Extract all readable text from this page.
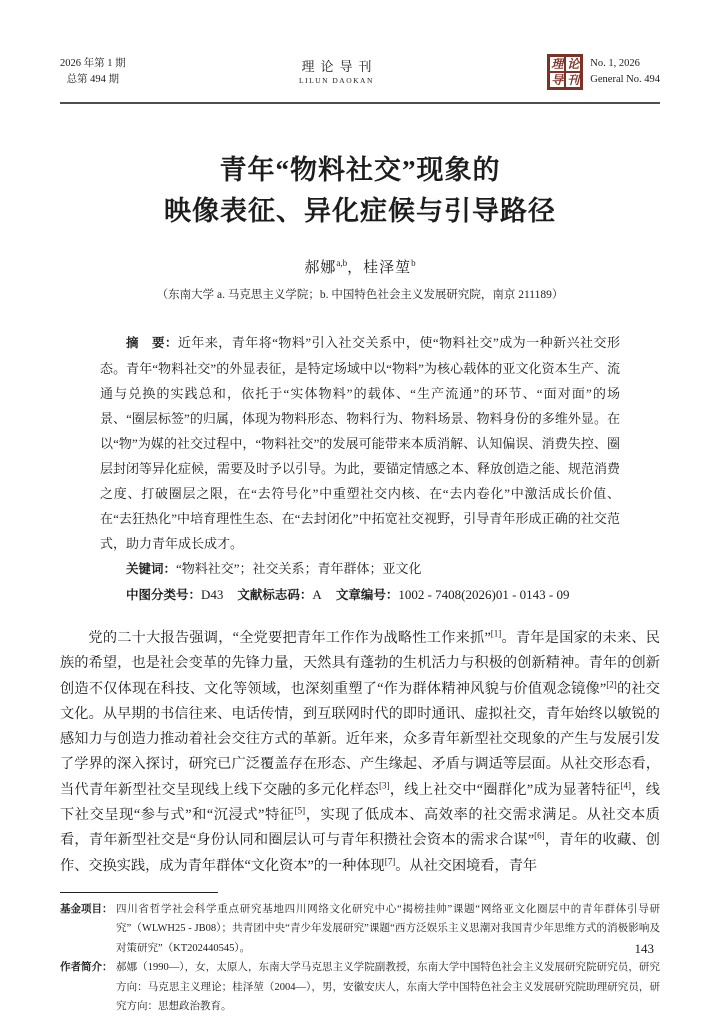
2026 年第 1 期
总第 494 期
理论导刊
LILUN DAOKAN
理 论
导 刊
No. 1, 2026
General No. 494
青年“物料社交”现象的
映像表征、异化症候与引导路径
郝娜$^{a,b}$，桂泽堃$^b$
（东南大学 a. 马克思主义学院；b. 中国特色社会主义发展研究院，南京 211189）
摘　要：近年来，青年将“物料”引入社交关系中，使“物料社交”成为一种新兴社交形态。青年“物料社交”的外显表征，是特定场域中以“物料”为核心载体的亚文化资本生产、流通与兑换的实践总和，依托于“实体物料”的载体、“生产流通”的环节、“面对面”的场景、“圈层标签”的归属，体现为物料形态、物料行为、物料场景、物料身份的多维外显。在以“物”为媒的社交过程中，“物料社交”的发展可能带来本质消解、认知偏误、消费失控、圈层封闭等异化症候，需要及时予以引导。为此，要锚定情感之本、释放创造之能、规范消费之度、打破圈层之限，在“去符号化”中重塑社交内核、在“去内卷化”中激活成长价值、在“去狂热化”中培育理性生态、在“去封闭化”中拓宽社交视野，引导青年形成正确的社交范式，助力青年成长成才。
关键词：“物料社交”；社交关系；青年群体；亚文化
中图分类号：D43 文献标志码：A 文章编号：1002 - 7408(2026)01 - 0143 - 09
党的二十大报告强调，“全党要把青年工作作为战略性工作来抓”[1]。青年是国家的未来、民族的希望，也是社会变革的先锋力量，天然具有蓬勃的生机活力与积极的创新精神。青年的创新创造不仅体现在科技、文化等领域，也深刻重塑了“作为群体精神风貌与价值观念镜像”[2]的社交文化。从早期的书信往来、电话传情，到互联网时代的即时通讯、虚拟社交，青年始终以敏锐的感知力与创造力推动着社会交往方式的革新。近年来，众多青年新型社交现象的产生与发展引发了学界的深入探讨，研究已广泛覆盖存在形态、产生缘起、矛盾与调适等层面。从社交形态看，当代青年新型社交呈现线上线下交融的多元化样态[3]，线上社交中“圈群化”成为显著特征[4]，线下社交呈现“参与式”和“沉浸式”特征[5]，实现了低成本、高效率的社交需求满足。从社交本质看，青年新型社交是“身份认同和圈层认可与青年积攒社会资本的需求合谋”[6]，青年的收藏、创作、交换实践，成为青年群体“文化资本”的一种体现[7]。从社交困境看，青年
基金项目： 四川省哲学社会科学重点研究基地四川网络文化研究中心“揭榜挂帅”课题“网络亚文化圈层中的青年群体引导研究”（WLWH25 - JB08）；共青团中央“青少年发展研究”课题“西方泛娱乐主义思潮对我国青少年思维方式的消极影响及对策研究”（KT202440545）。
作者简介： 郝娜（1990—），女，太原人，东南大学马克思主义学院副教授，东南大学中国特色社会主义发展研究院研究员，研究方向：马克思主义理论；桂泽堃（2004—），男，安徽安庆人，东南大学中国特色社会主义发展研究院助理研究员，研究方向：思想政治教育。
143
